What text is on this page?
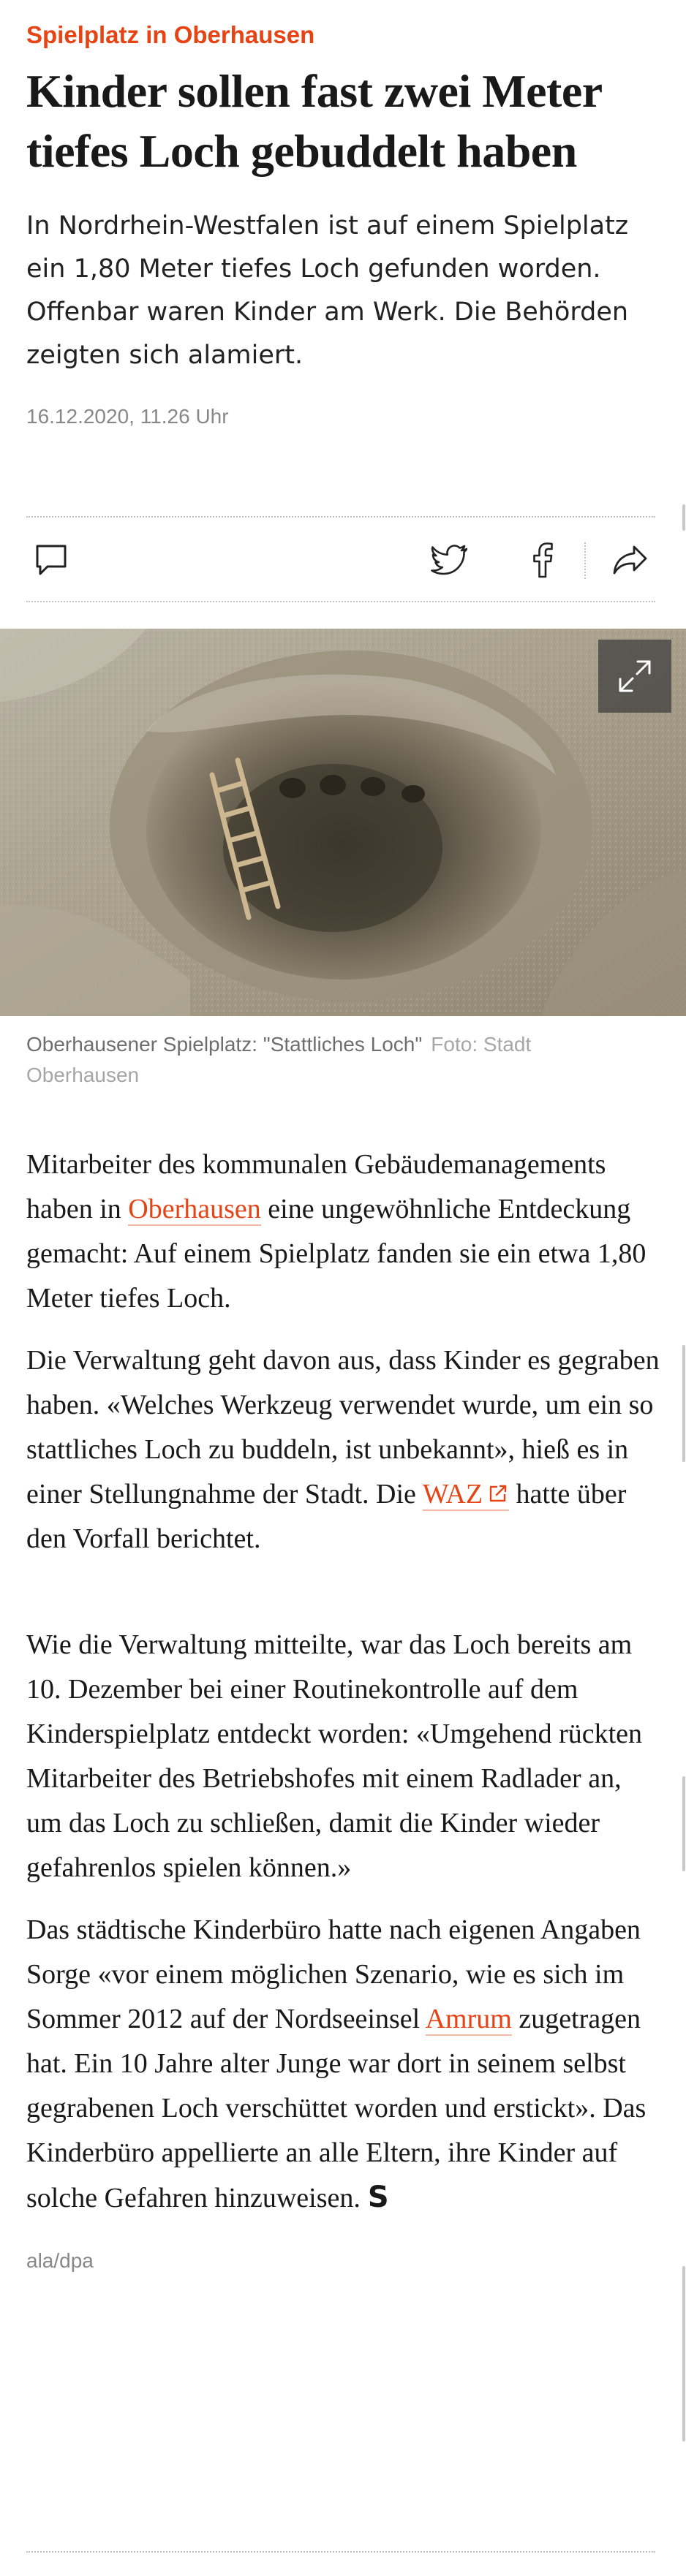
Spielplatz in Oberhausen
Kinder sollen fast zwei Meter tiefes Loch gebuddelt haben

In Nordrhein-Westfalen ist auf einem Spielplatz ein 1,80 Meter tiefes Loch gefunden worden. Offenbar waren Kinder am Werk. Die Behörden zeigten sich alamiert.

16.12.2020, 11.26 Uhr
Oberhausener Spielplatz: "Stattliches Loch" Foto: Stadt Oberhausen

Mitarbeiter des kommunalen Gebäudemanagements haben in Oberhausen eine ungewöhnliche Entdeckung gemacht: Auf einem Spielplatz fanden sie ein etwa 1,80 Meter tiefes Loch.

Die Verwaltung geht davon aus, dass Kinder es gegraben haben. «Welches Werkzeug verwendet wurde, um ein so stattliches Loch zu buddeln, ist unbekannt», hieß es in einer Stellungnahme der Stadt. Die WAZ hatte über den Vorfall berichtet.

Wie die Verwaltung mitteilte, war das Loch bereits am 10. Dezember bei einer Routinekontrolle auf dem Kinderspielplatz entdeckt worden: «Umgehend rückten Mitarbeiter des Betriebshofes mit einem Radlader an, um das Loch zu schließen, damit die Kinder wieder gefahrenlos spielen können.»

Das städtische Kinderbüro hatte nach eigenen Angaben Sorge «vor einem möglichen Szenario, wie es sich im Sommer 2012 auf der Nordseeinsel Amrum zugetragen hat. Ein 10 Jahre alter Junge war dort in seinem selbst gegrabenen Loch verschüttet worden und erstickt». Das Kinderbüro appellierte an alle Eltern, ihre Kinder auf solche Gefahren hinzuweisen. S

ala/dpa
